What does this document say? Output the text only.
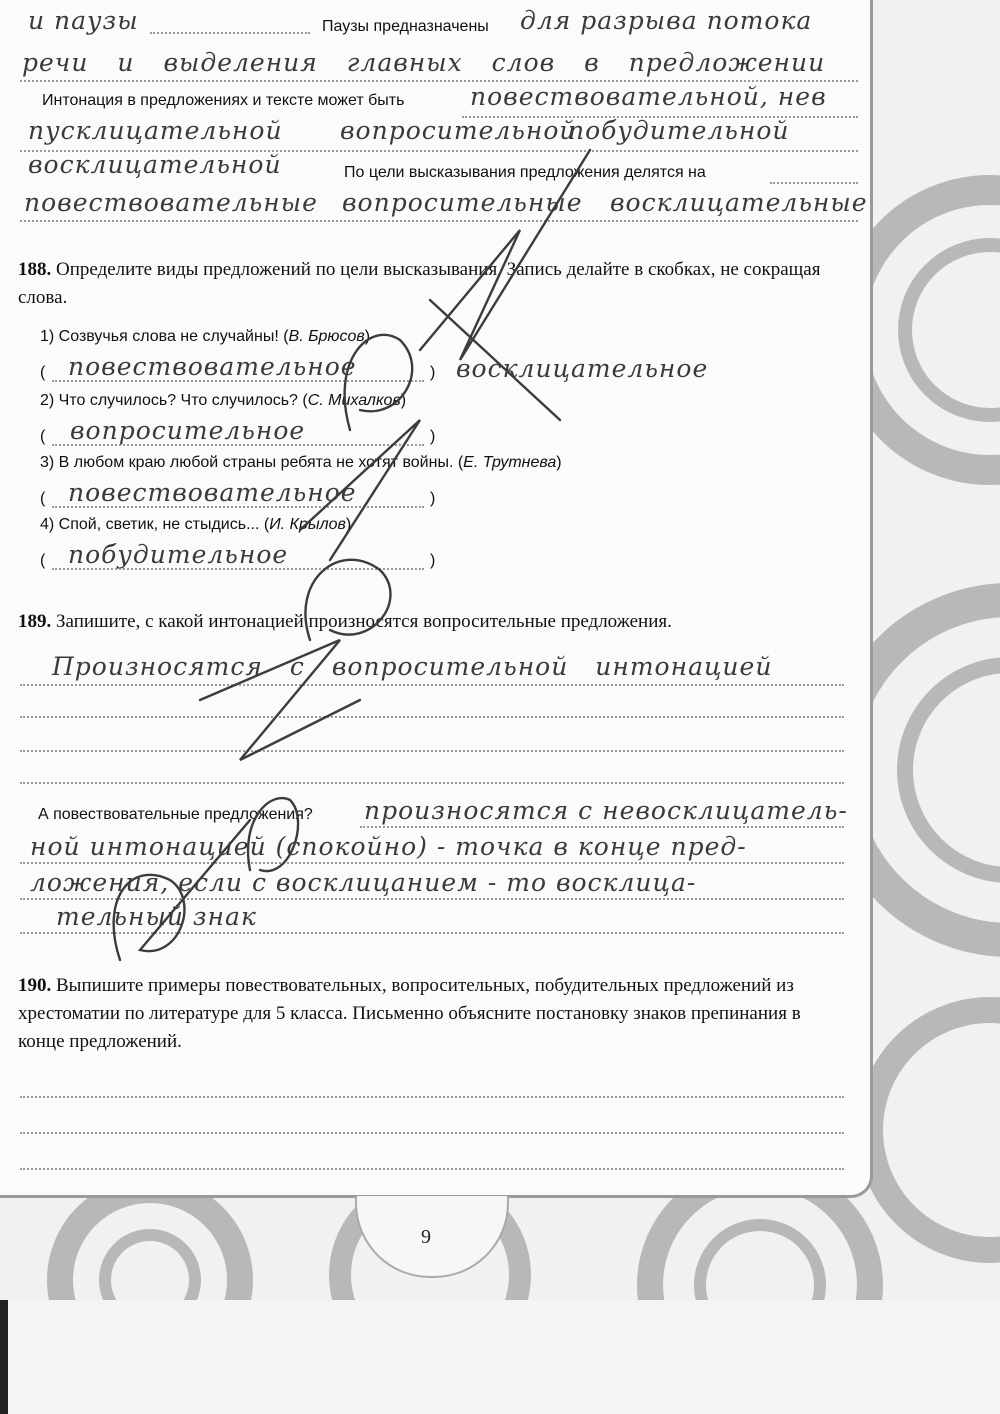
и паузы	Паузы предназначены для разрыва потока
речи и выделения главных слов в предложении
Интонация в предложениях и тексте может быть	повествовательной, нев
пусклицательной вопросительной
побудительной
восклицательной	По цели высказывания предложения делятся на
повествовательные вопросительные восклицательные
188. Определите виды предложений по цели высказывания. Запись делайте в скобках, не сокращая слова.
1) Созвучья слова не случайны! (В. Брюсов)
( повествовательное	) восклицательное
2) Что случилось? Что случилось? (С. Михалков)
( вопросительное	)
3) В любом краю любой страны ребята не хотят войны. (Е. Трутнева)
( повествовательное	)
4) Спой, светик, не стыдись... (И. Крылов)
( побудительное	)
189. Запишите, с какой интонацией произносятся вопросительные предложения.
Произносятся с вопросительной интонацией
А повествовательные предложения? произносятся с невосклицатель-
ной интонацией (спокойно) - точка в конце пред-
ложения, если с восклицанием - то восклица-
тельный знак
190. Выпишите примеры повествовательных, вопросительных, побудительных предложений из хрестоматии по литературе для 5 класса. Письменно объясните постановку знаков препинания в конце предложений.
9
